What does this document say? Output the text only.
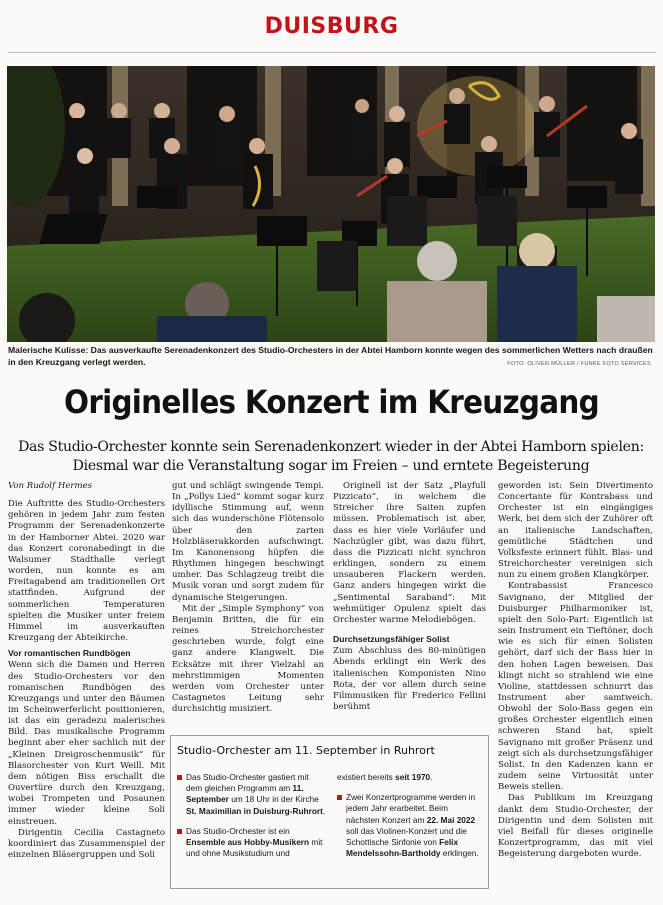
DUISBURG
Malerische Kulisse: Das ausverkaufte Serenadenkonzert des Studio-Orchesters in der Abtei Hamborn konnte wegen des sommerlichen Wetters nach draußen in den Kreuzgang verlegt werden.	FOTO: OLIVER MÜLLER / FUNKE FOTO SERVICES
Originelles Konzert im Kreuzgang
Das Studio-Orchester konnte sein Serenadenkonzert wieder in der Abtei Hamborn spielen: Diesmal war die Veranstaltung sogar im Freien – und erntete Begeisterung

Von Rudolf Hermes

Die Auftritte des Studio-Orchesters gehören in jedem Jahr zum festen Programm der Serenadenkonzerte in der Hamborner Abtei. 2020 war das Konzert coronabedingt in die Walsumer Stadthalle verlegt worden, nun konnte es am Freitagabend am traditionellen Ort stattfinden. Aufgrund der sommerlichen Temperaturen spielten die Musiker unter freiem Himmel im ausverkauften Kreuzgang der Abteikirche.

Vor romantischen Rundbögen

Wenn sich die Damen und Herren des Studio-Orchesters vor den romanischen Rundbögen des Kreuzgangs und unter den Bäumen im Scheinwerferlicht positionieren, ist das ein geradezu malerisches Bild. Das musikalische Programm beginnt aber eher sachlich mit der „Kleinen Dreigroschenmusik“ für Blasorchester von Kurt Weill. Mit dem nötigen Biss erschallt die Ouvertüre durch den Kreuzgang, wobei Trompeten und Posaunen immer wieder kleine Soli einstreuen.

Dirigentin Cecilia Castagneto koordiniert das Zusammenspiel der einzelnen Bläsergruppen und Soli

gut und schlägt swingende Tempi. In „Pollys Lied“ kommt sogar kurz idyllische Stimmung auf, wenn sich das wunderschöne Flötensolo über den zarten Holzbläserakkorden aufschwingt. Im Kanonensong hüpfen die Rhythmen hingegen beschwingt umher. Das Schlagzeug treibt die Musik voran und sorgt zudem für dynamische Steigerungen.

Mit der „Simple Symphony“ von Benjamin Britten, die für ein reines Streichorchester geschrieben wurde, folgt eine ganz andere Klangwelt. Die Ecksätze mit ihrer Vielzahl an mehrstimmigen Momenten werden vom Orchester unter Castagnetos Leitung sehr durchsichtig musiziert.

Originell ist der Satz „Playfull Pizzicato“, in welchem die Streicher ihre Saiten zupfen müssen. Problematisch ist aber, dass es hier viele Vorläufer und Nachzügler gibt, was dazu führt, dass die Pizzicati nicht synchron erklingen, sondern zu einem unsauberen Flackern werden. Ganz anders hingegen wirkt die „Sentimental Saraband“: Mit wehmütiger Opulenz spielt das Orchester warme Melodiebögen.

Durchsetzungsfähiger Solist

Zum Abschluss des 80-minütigen Abends erklingt ein Werk des italienischen Komponisten Nino Rota, der vor allem durch seine Filmmusiken für Frederico Fellini berühmt

geworden ist: Sein Divertimento Concertante für Kontrabass und Orchester ist ein eingängiges Werk, bei dem sich der Zuhörer oft an italienische Landschaften, gemütliche Städtchen und Volksfeste erinnert fühlt. Blas- und Streichorchester vereinigen sich nun zu einem großen Klangkörper.

Kontrabassist Francesco Savignano, der Mitglied der Duisburger Philharmoniker ist, spielt den Solo-Part: Eigentlich ist sein Instrument ein Tieftöner, doch wie es sich für einen Solisten gehört, darf sich der Bass hier in den hohen Lagen beweisen. Das klingt nicht so strahlend wie eine Violine, stattdessen schnurrt das Instrument aber samtweich. Obwohl der Solo-Bass gegen ein großes Orchester eigentlich einen schweren Stand hat, spielt Savignano mit großer Präsenz und zeigt sich als durchsetzungsfähiger Solist. In den Kadenzen kann er zudem seine Virtuosität unter Beweis stellen.

Das Publikum im Kreuzgang dankt dem Studio-Orchester, der Dirigentin und dem Solisten mit viel Beifall für dieses originelle Konzertprogramm, das mit viel Begeisterung dargeboten wurde.

Studio-Orchester am 11. September in Ruhrort
Das Studio-Orchester gastiert mit dem gleichen Programm am 11. September um 18 Uhr in der Kirche St. Maximilian in Duisburg-Ruhrort.
Das Studio-Orchester ist ein Ensemble aus Hobby-Musikern mit und ohne Musikstudium und
existiert bereits seit 1970.
Zwei Konzertprogramme werden in jedem Jahr erarbeitet. Beim nächsten Konzert am 22. Mai 2022 soll das Violinen-Konzert und die Schottische Sinfonie von Felix Mendelssohn-Bartholdy erklingen.
